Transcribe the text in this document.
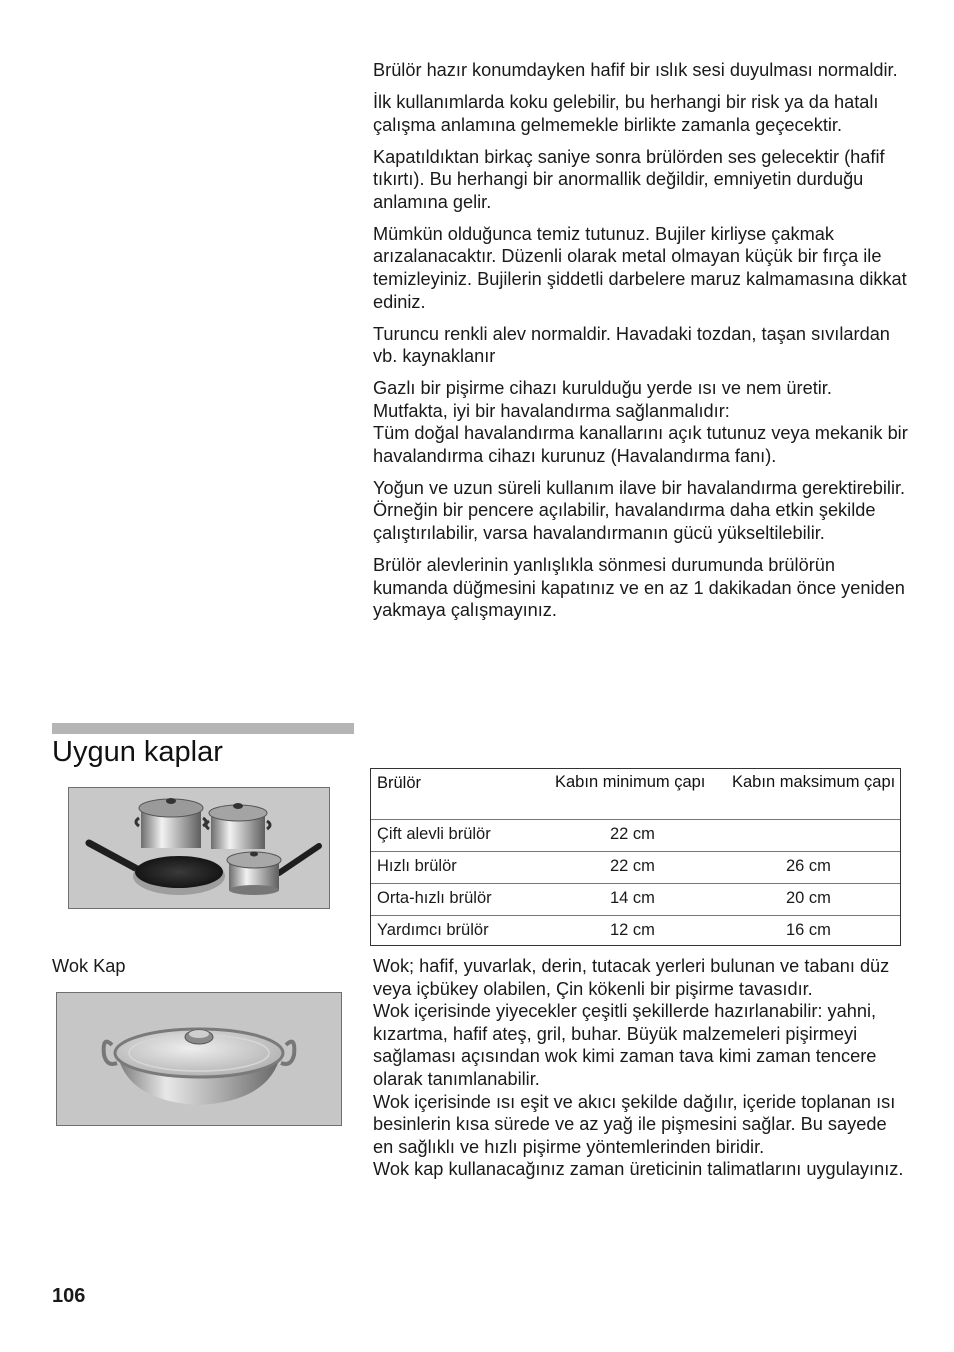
Brülör hazır konumdayken hafif bir ıslık sesi duyulması normaldir.

İlk kullanımlarda koku gelebilir, bu herhangi bir risk ya da hatalı çalışma anlamına gelmemekle birlikte zamanla geçecektir.

Kapatıldıktan birkaç saniye sonra brülörden ses gelecektir (hafif tıkırtı). Bu herhangi bir anormallik değildir, emniyetin durduğu anlamına gelir.

Mümkün olduğunca temiz tutunuz. Bujiler kirliyse çakmak arızalanacaktır. Düzenli olarak metal olmayan küçük bir fırça ile temizleyiniz. Bujilerin şiddetli darbelere maruz kalmamasına dikkat ediniz.

Turuncu renkli alev normaldir. Havadaki tozdan, taşan sıvılardan vb. kaynaklanır

Gazlı bir pişirme cihazı kurulduğu yerde ısı ve nem üretir. Mutfakta, iyi bir havalandırma sağlanmalıdır:
Tüm doğal havalandırma kanallarını açık tutunuz veya mekanik bir havalandırma cihazı kurunuz (Havalandırma fanı).

Yoğun ve uzun süreli kullanım ilave bir havalandırma gerektirebilir. Örneğin bir pencere açılabilir, havalandırma daha etkin şekilde çalıştırılabilir, varsa havalandırmanın gücü yükseltilebilir.

Brülör alevlerinin yanlışlıkla sönmesi durumunda brülörün kumanda düğmesini kapatınız ve en az 1 dakikadan önce yeniden yakmaya çalışmayınız.

Uygun kaplar
Wok Kap
Brülör	Kabın minimum çapı	Kabın maksimum çapı
Çift alevli brülör	22 cm
Hızlı brülör	22 cm	26 cm
Orta-hızlı brülör	14 cm	20 cm
Yardımcı brülör	12 cm	16 cm
Wok; hafif, yuvarlak, derin, tutacak yerleri bulunan ve tabanı düz veya içbükey olabilen, Çin kökenli bir pişirme tavasıdır.
Wok içerisinde yiyecekler çeşitli şekillerde hazırlanabilir: yahni, kızartma, hafif ateş, gril, buhar. Büyük malzemeleri pişirmeyi sağlaması açısından wok kimi zaman tava kimi zaman tencere olarak tanımlanabilir.
Wok içerisinde ısı eşit ve akıcı şekilde dağılır, içeride toplanan ısı besinlerin kısa sürede ve az yağ ile pişmesini sağlar. Bu sayede en sağlıklı ve hızlı pişirme yöntemlerinden biridir.
Wok kap kullanacağınız zaman üreticinin talimatlarını uygulayınız.
106
